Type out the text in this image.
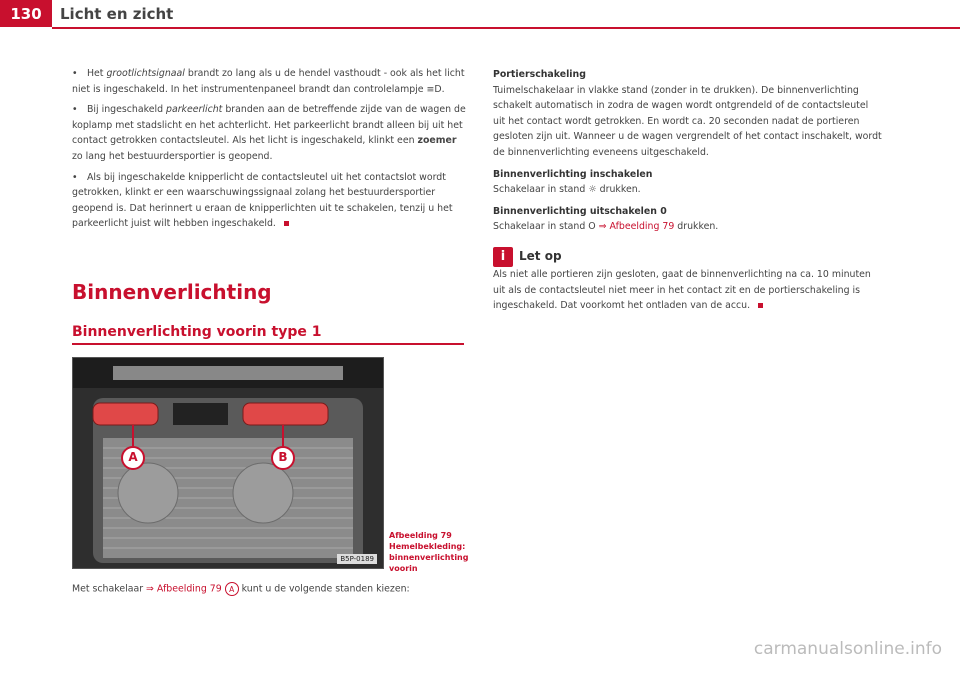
130	Licht en zicht
• Het grootlichtsignaal brandt zo lang als u de hendel vasthoudt - ook als het licht niet is ingeschakeld. In het instrumentenpaneel brandt dan controlelampje ≡D.
• Bij ingeschakeld parkeerlicht branden aan de betreffende zijde van de wagen de koplamp met stadslicht en het achterlicht. Het parkeerlicht brandt alleen bij uit het contact getrokken contactsleutel. Als het licht is ingeschakeld, klinkt een zoemer zo lang het bestuurdersportier is geopend.
• Als bij ingeschakelde knipperlicht de contactsleutel uit het contactslot wordt getrokken, klinkt er een waarschuwingssignaal zolang het bestuurdersportier geopend is. Dat herinnert u eraan de knipperlichten uit te schakelen, tenzij u het parkeerlicht juist wilt hebben ingeschakeld.
Binnenverlichting
Binnenverlichting voorin type 1
A	B
B5P-0189
Afbeelding 79 Hemelbekleding: binnenverlichting voorin
Met schakelaar ⇒ Afbeelding 79 A kunt u de volgende standen kiezen:
Portierschakeling
Tuimelschakelaar in vlakke stand (zonder in te drukken). De binnenverlichting schakelt automatisch in zodra de wagen wordt ontgrendeld of de contactsleutel uit het contact wordt getrokken. En wordt ca. 20 seconden nadat de portieren gesloten zijn uit. Wanneer u de wagen vergrendelt of het contact inschakelt, wordt de binnenverlichting eveneens uitgeschakeld.
Binnenverlichting inschakelen
Schakelaar in stand ☼ drukken.
Binnenverlichting uitschakelen 0
Schakelaar in stand O ⇒ Afbeelding 79 drukken.
i	Let op
Als niet alle portieren zijn gesloten, gaat de binnenverlichting na ca. 10 minuten uit als de contactsleutel niet meer in het contact zit en de portierschakeling is ingeschakeld. Dat voorkomt het ontladen van de accu.
carmanualsonline.info
